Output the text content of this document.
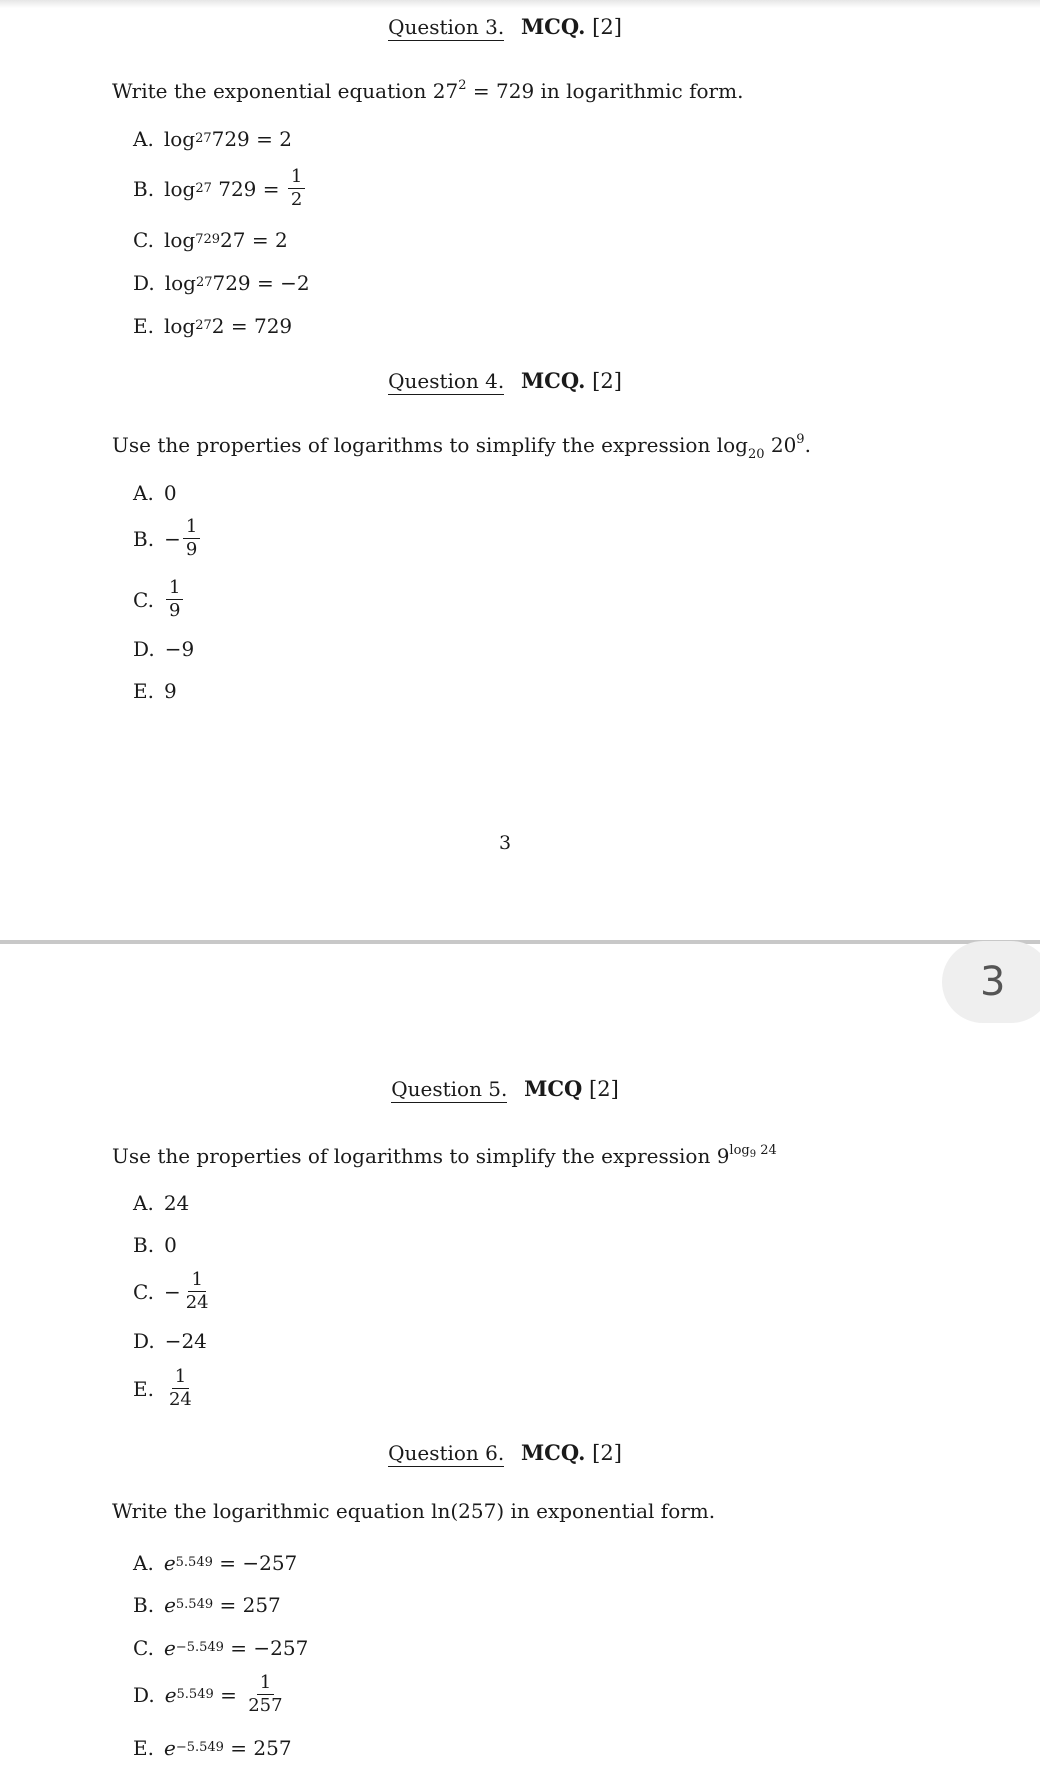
Question 3. MCQ. [2]
Write the exponential equation $27^2 = 729$ in logarithmic form.
A. log 27 729 = 2
B. log 27 $729 = \frac{1}{2}$
C. log 729 27 = 2
D. log 27 729 = −2
E. log 27 2 = 729
Question 4. MCQ. [2]
Use the properties of logarithms to simplify the expression $\log_{20} 20^9$.
A. 0
B. − $\frac{1}{9}$
C. $\frac{1}{9}$
D. −9
E. 9
3
3
Question 5. MCQ [2]
Use the properties of logarithms to simplify the expression $9^{log_9 24}$
A. 24
B. 0
C. − $\frac{1}{24}$
D. −24
E. $\frac{1}{24}$
Question 6. MCQ. [2]
Write the logarithmic equation ln(257) in exponential form.
A. e 5.549 = −257
B. e 5.549 = 257
C. e −5.549 = −257
D. e $5.549 = \frac{1}{257}$
E. e −5.549 = 257
